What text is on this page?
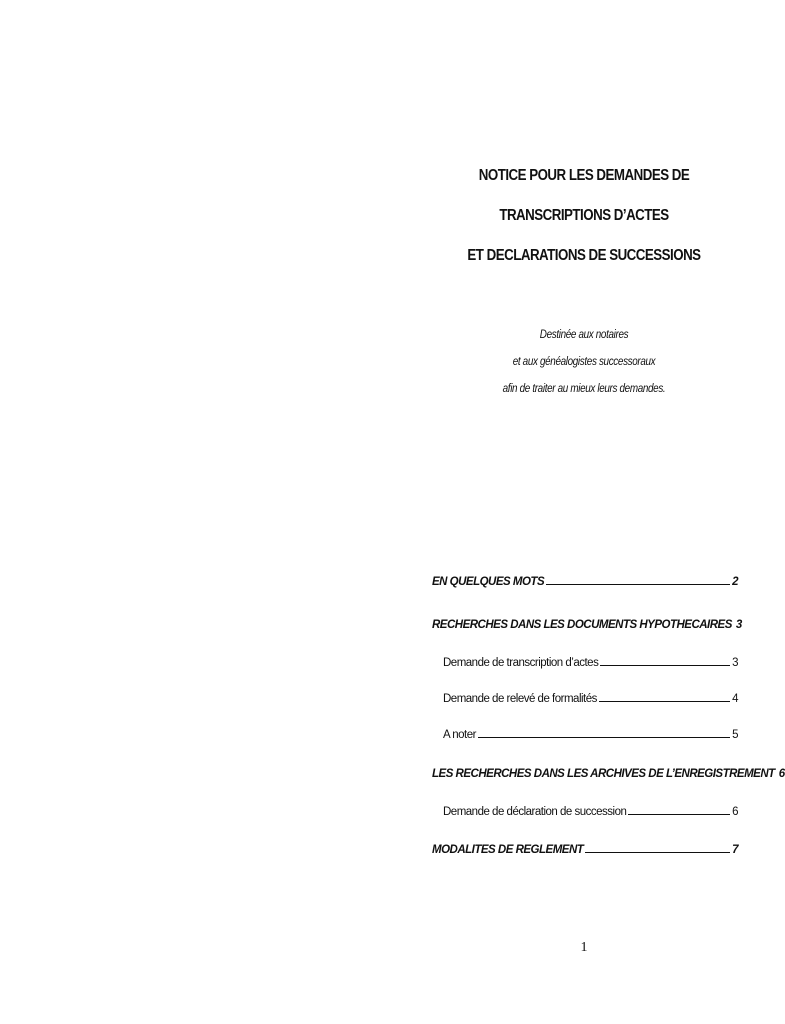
NOTICE POUR LES DEMANDES DE
TRANSCRIPTIONS D’ACTES
ET DECLARATIONS DE SUCCESSIONS
Destinée aux notaires
et aux généalogistes successoraux
afin de traiter au mieux leurs demandes.
EN QUELQUES MOTS	2
RECHERCHES DANS LES DOCUMENTS HYPOTHECAIRES 3
Demande de transcription d’actes	3
Demande de relevé de formalités	4
A noter	5
LES RECHERCHES DANS LES ARCHIVES DE L’ENREGISTREMENT 6
Demande de déclaration de succession	6
MODALITES DE REGLEMENT	7
1
